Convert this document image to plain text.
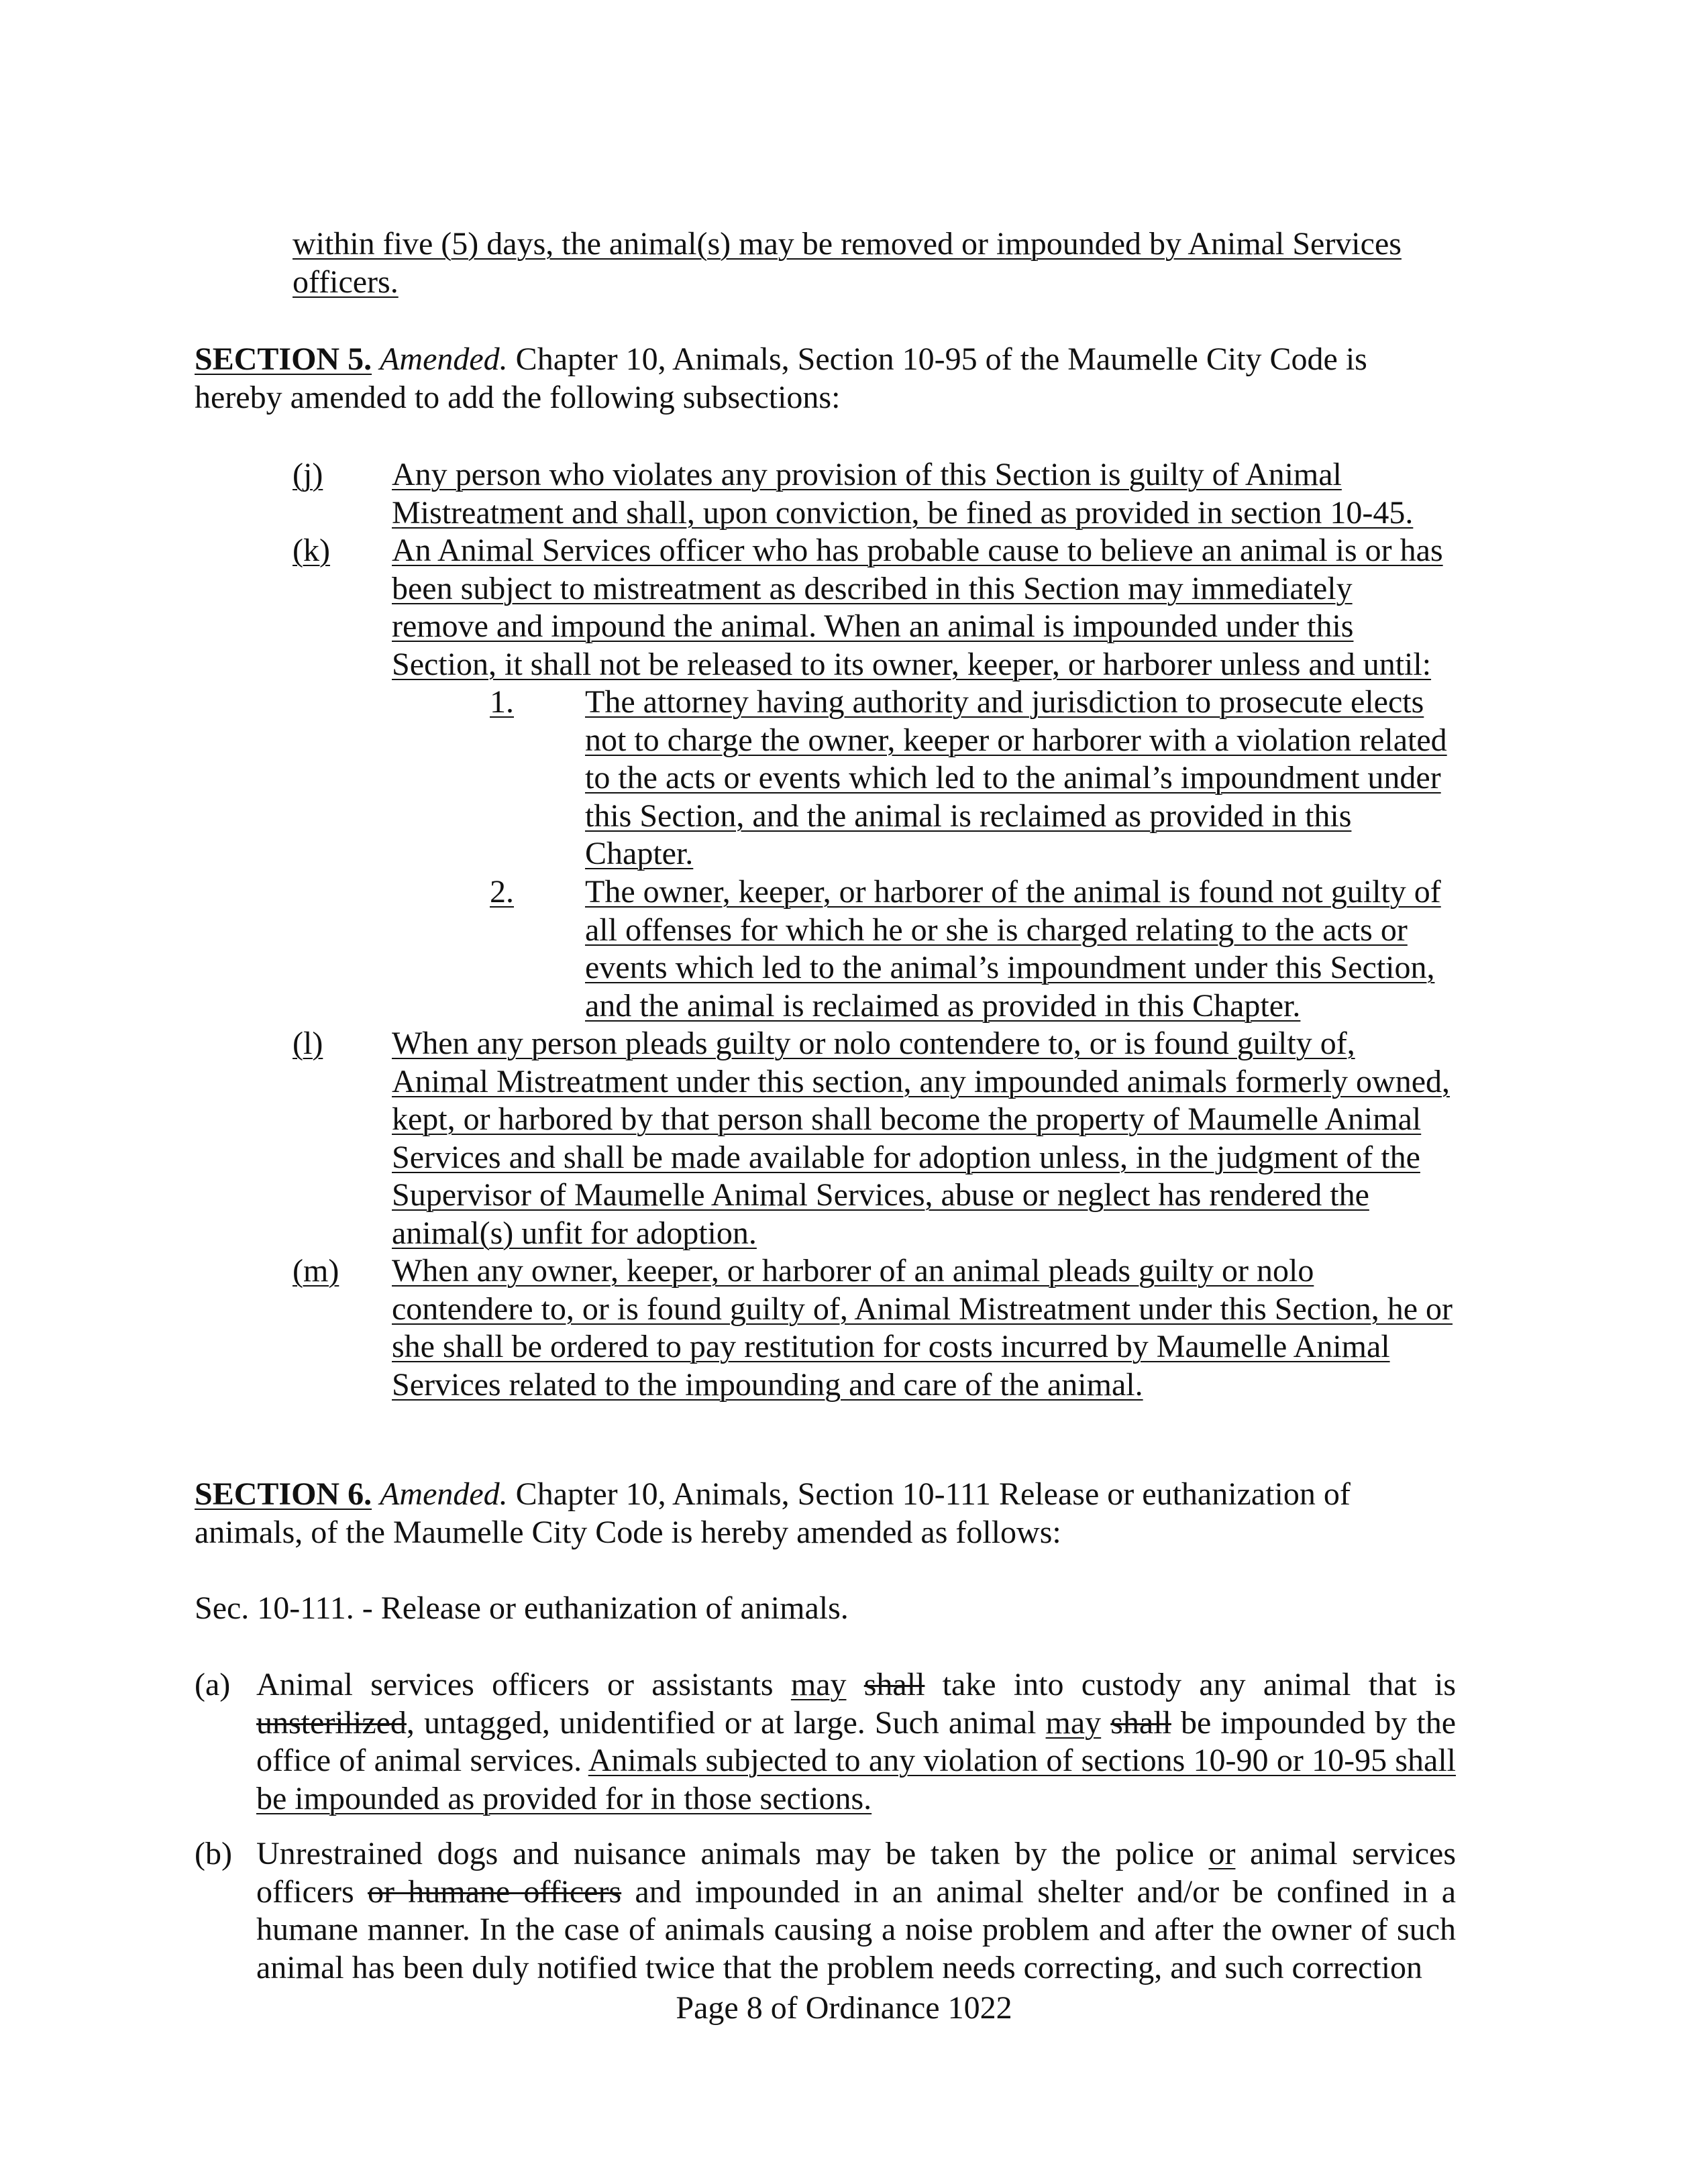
within five (5) days, the animal(s) may be removed or impounded by Animal Services
officers.
SECTION 5. Amended. Chapter 10, Animals, Section 10-95 of the Maumelle City Code is
hereby amended to add the following subsections:
(j) Any person who violates any provision of this Section is guilty of Animal
Mistreatment and shall, upon conviction, be fined as provided in section 10-45.
(k) An Animal Services officer who has probable cause to believe an animal is or has
been subject to mistreatment as described in this Section may immediately
remove and impound the animal. When an animal is impounded under this
Section, it shall not be released to its owner, keeper, or harborer unless and until:
1. The attorney having authority and jurisdiction to prosecute elects
not to charge the owner, keeper or harborer with a violation related
to the acts or events which led to the animal’s impoundment under
this Section, and the animal is reclaimed as provided in this
Chapter.
2. The owner, keeper, or harborer of the animal is found not guilty of
all offenses for which he or she is charged relating to the acts or
events which led to the animal’s impoundment under this Section,
and the animal is reclaimed as provided in this Chapter.
(l) When any person pleads guilty or nolo contendere to, or is found guilty of,
Animal Mistreatment under this section, any impounded animals formerly owned,
kept, or harbored by that person shall become the property of Maumelle Animal
Services and shall be made available for adoption unless, in the judgment of the
Supervisor of Maumelle Animal Services, abuse or neglect has rendered the
animal(s) unfit for adoption.
(m) When any owner, keeper, or harborer of an animal pleads guilty or nolo
contendere to, or is found guilty of, Animal Mistreatment under this Section, he or
she shall be ordered to pay restitution for costs incurred by Maumelle Animal
Services related to the impounding and care of the animal.
SECTION 6. Amended. Chapter 10, Animals, Section 10-111 Release or euthanization of
animals, of the Maumelle City Code is hereby amended as follows:
Sec. 10-111. - Release or euthanization of animals.
(a) Animal services officers or assistants may shall take into custody any animal that is unsterilized, untagged, unidentified or at large. Such animal may shall be impounded by the office of animal services. Animals subjected to any violation of sections 10-90 or 10-95 shall be impounded as provided for in those sections.
(b) Unrestrained dogs and nuisance animals may be taken by the police or animal services officers or humane officers and impounded in an animal shelter and/or be confined in a humane manner. In the case of animals causing a noise problem and after the owner of such animal has been duly notified twice that the problem needs correcting, and such correction
Page 8 of Ordinance 1022
